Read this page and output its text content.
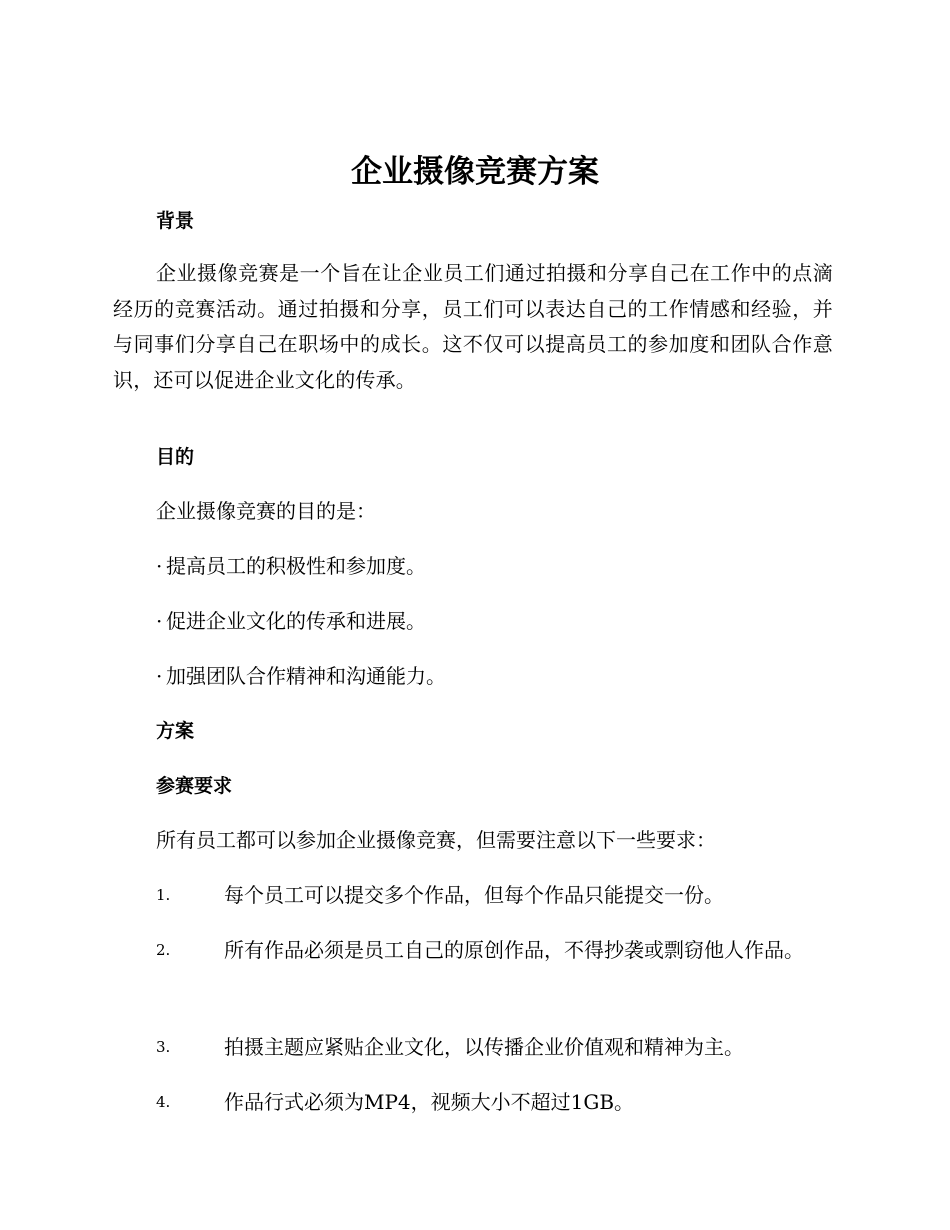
企业摄像竞赛方案
背景

企业摄像竞赛是一个旨在让企业员工们通过拍摄和分享自己在工作中的点滴经历的竞赛活动。通过拍摄和分享，员工们可以表达自己的工作情感和经验，并与同事们分享自己在职场中的成长。这不仅可以提高员工的参加度和团队合作意识，还可以促进企业文化的传承。

目的

企业摄像竞赛的目的是：

· 提高员工的积极性和参加度。

· 促进企业文化的传承和进展。

· 加强团队合作精神和沟通能力。

方案
参赛要求

所有员工都可以参加企业摄像竞赛，但需要注意以下一些要求：

1.	每个员工可以提交多个作品，但每个作品只能提交一份。
2.	所有作品必须是员工自己的原创作品，不得抄袭或剽窃他人作品。
3.	拍摄主题应紧贴企业文化，以传播企业价值观和精神为主。
4.	作品行式必须为MP4，视频大小不超过1GB。
